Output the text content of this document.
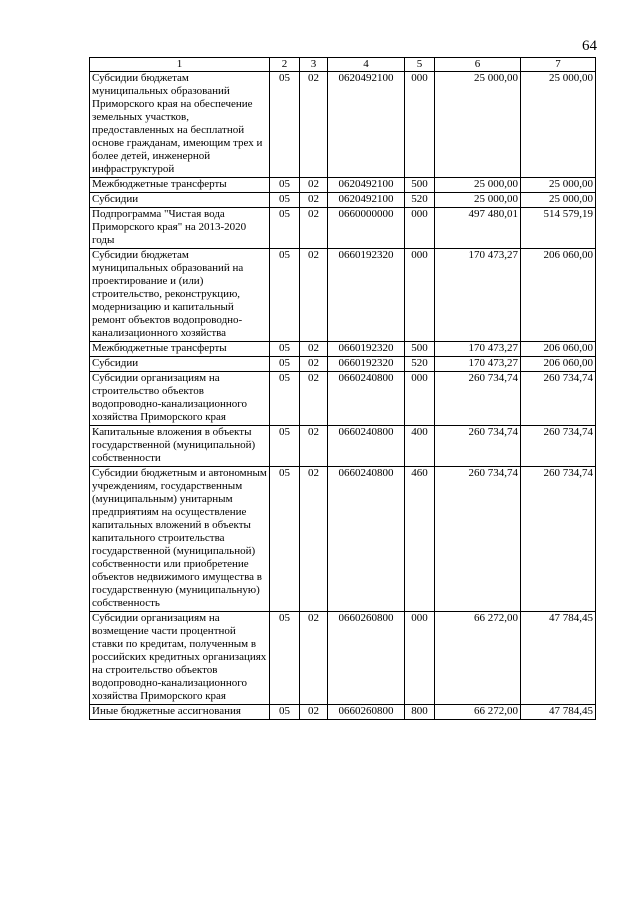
64
1	2	3	4	5	6	7
Субсидии бюджетам муниципальных образований Приморского края на обеспечение земельных участков, предоставленных на бесплатной основе гражданам, имеющим трех и более детей, инженерной инфраструктурой	05	02	0620492100	000	25 000,00	25 000,00
Межбюджетные трансферты	05	02	0620492100	500	25 000,00	25 000,00
Субсидии	05	02	0620492100	520	25 000,00	25 000,00
Подпрограмма "Чистая вода Приморского края" на 2013-2020 годы	05	02	0660000000	000	497 480,01	514 579,19
Субсидии бюджетам муниципальных образований на проектирование и (или) строительство, реконструкцию, модернизацию и капитальный ремонт объектов водопроводно-канализационного хозяйства	05	02	0660192320	000	170 473,27	206 060,00
Межбюджетные трансферты	05	02	0660192320	500	170 473,27	206 060,00
Субсидии	05	02	0660192320	520	170 473,27	206 060,00
Субсидии организациям на строительство объектов водопроводно-канализационного хозяйства Приморского края	05	02	0660240800	000	260 734,74	260 734,74
Капитальные вложения в объекты государственной (муниципальной) собственности	05	02	0660240800	400	260 734,74	260 734,74
Субсидии бюджетным и автономным учреждениям, государственным (муниципальным) унитарным предприятиям на осуществление капитальных вложений в объекты капитального строительства государственной (муниципальной) собственности или приобретение объектов недвижимого имущества в государственную (муниципальную) собственность	05	02	0660240800	460	260 734,74	260 734,74
Субсидии организациям на возмещение части процентной ставки по кредитам, полученным в российских кредитных организациях на строительство объектов водопроводно-канализационного хозяйства Приморского края	05	02	0660260800	000	66 272,00	47 784,45
Иные бюджетные ассигнования	05	02	0660260800	800	66 272,00	47 784,45
